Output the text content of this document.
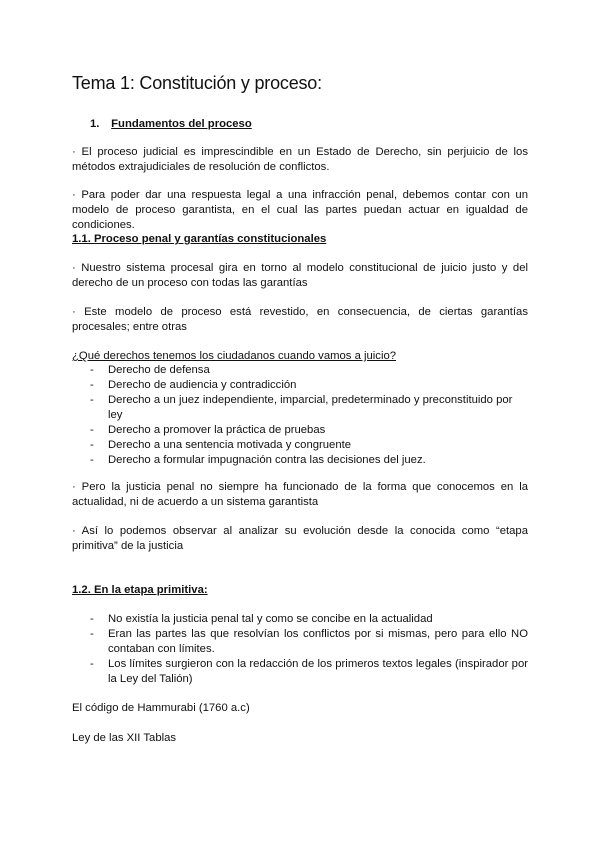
Tema 1: Constitución y proceso:
1. Fundamentos del proceso
· El proceso judicial es imprescindible en un Estado de Derecho, sin perjuicio de los métodos extrajudiciales de resolución de conflictos.
· Para poder dar una respuesta legal a una infracción penal, debemos contar con un modelo de proceso garantista, en el cual las partes puedan actuar en igualdad de condiciones.
1.1. Proceso penal y garantías constitucionales
· Nuestro sistema procesal gira en torno al modelo constitucional de juicio justo y del derecho de un proceso con todas las garantías
· Este modelo de proceso está revestido, en consecuencia, de ciertas garantías procesales; entre otras
¿Qué derechos tenemos los ciudadanos cuando vamos a juicio?
- Derecho de defensa
- Derecho de audiencia y contradicción
- Derecho a un juez independiente, imparcial, predeterminado y preconstituido por ley
- Derecho a promover la práctica de pruebas
- Derecho a una sentencia motivada y congruente
- Derecho a formular impugnación contra las decisiones del juez.
· Pero la justicia penal no siempre ha funcionado de la forma que conocemos en la actualidad, ni de acuerdo a un sistema garantista
· Así lo podemos observar al analizar su evolución desde la conocida como “etapa primitiva” de la justicia
1.2. En la etapa primitiva:
- No existía la justicia penal tal y como se concibe en la actualidad
- Eran las partes las que resolvían los conflictos por si mismas, pero para ello NO contaban con límites.
- Los límites surgieron con la redacción de los primeros textos legales (inspirador por la Ley del Talión)
El código de Hammurabi (1760 a.c)
Ley de las XII Tablas
